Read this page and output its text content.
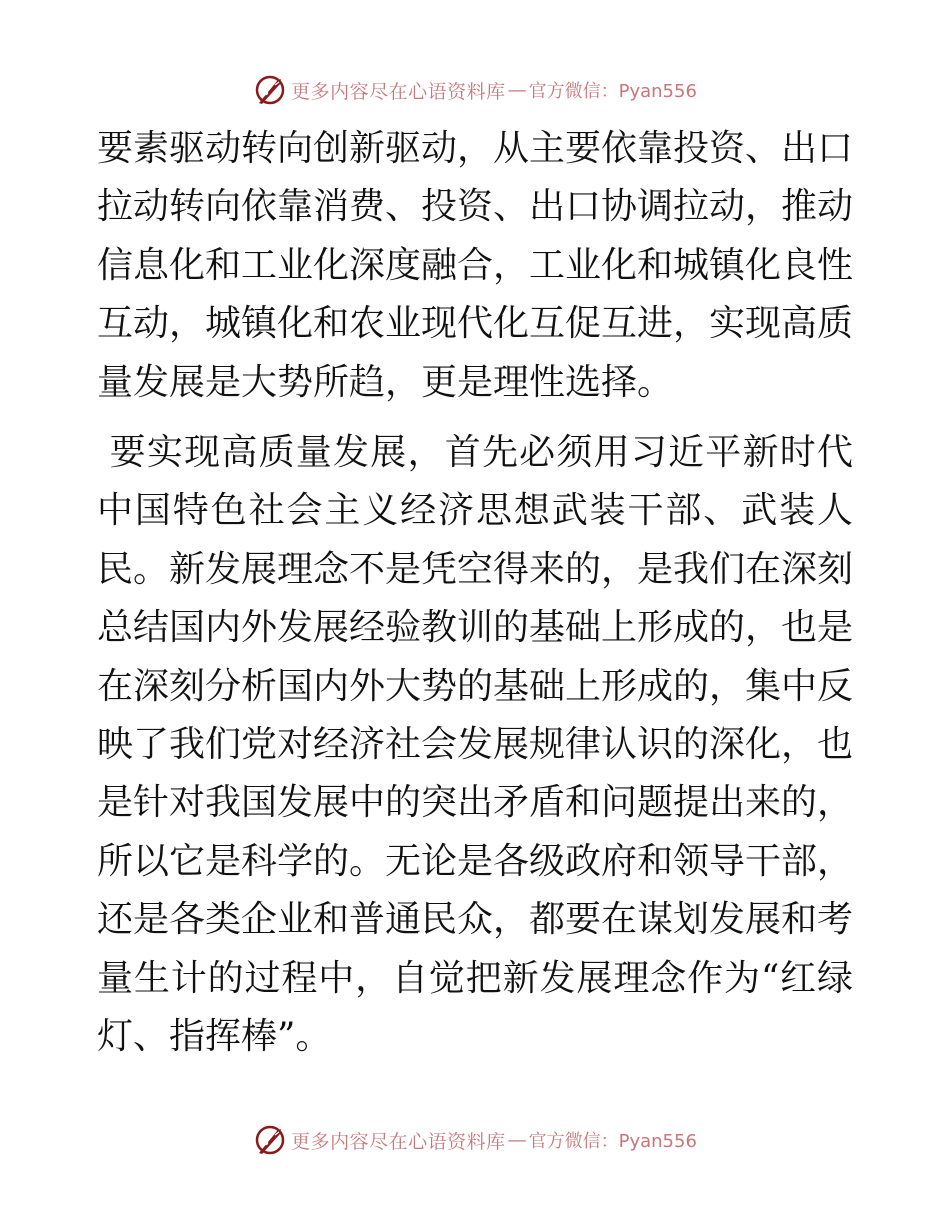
更多内容尽在心语资料库 — 官方微信：Pyan556

要素驱动转向创新驱动，从主要依靠投资、出口拉动转向依靠消费、投资、出口协调拉动，推动信息化和工业化深度融合，工业化和城镇化良性互动，城镇化和农业现代化互促互进，实现高质量发展是大势所趋，更是理性选择。

要实现高质量发展，首先必须用习近平新时代中国特色社会主义经济思想武装干部、武装人民。新发展理念不是凭空得来的，是我们在深刻总结国内外发展经验教训的基础上形成的，也是在深刻分析国内外大势的基础上形成的，集中反映了我们党对经济社会发展规律认识的深化，也是针对我国发展中的突出矛盾和问题提出来的，所以它是科学的。无论是各级政府和领导干部，还是各类企业和普通民众，都要在谋划发展和考量生计的过程中，自觉把新发展理念作为“红绿灯、指挥棒”。

更多内容尽在心语资料库 — 官方微信：Pyan556
